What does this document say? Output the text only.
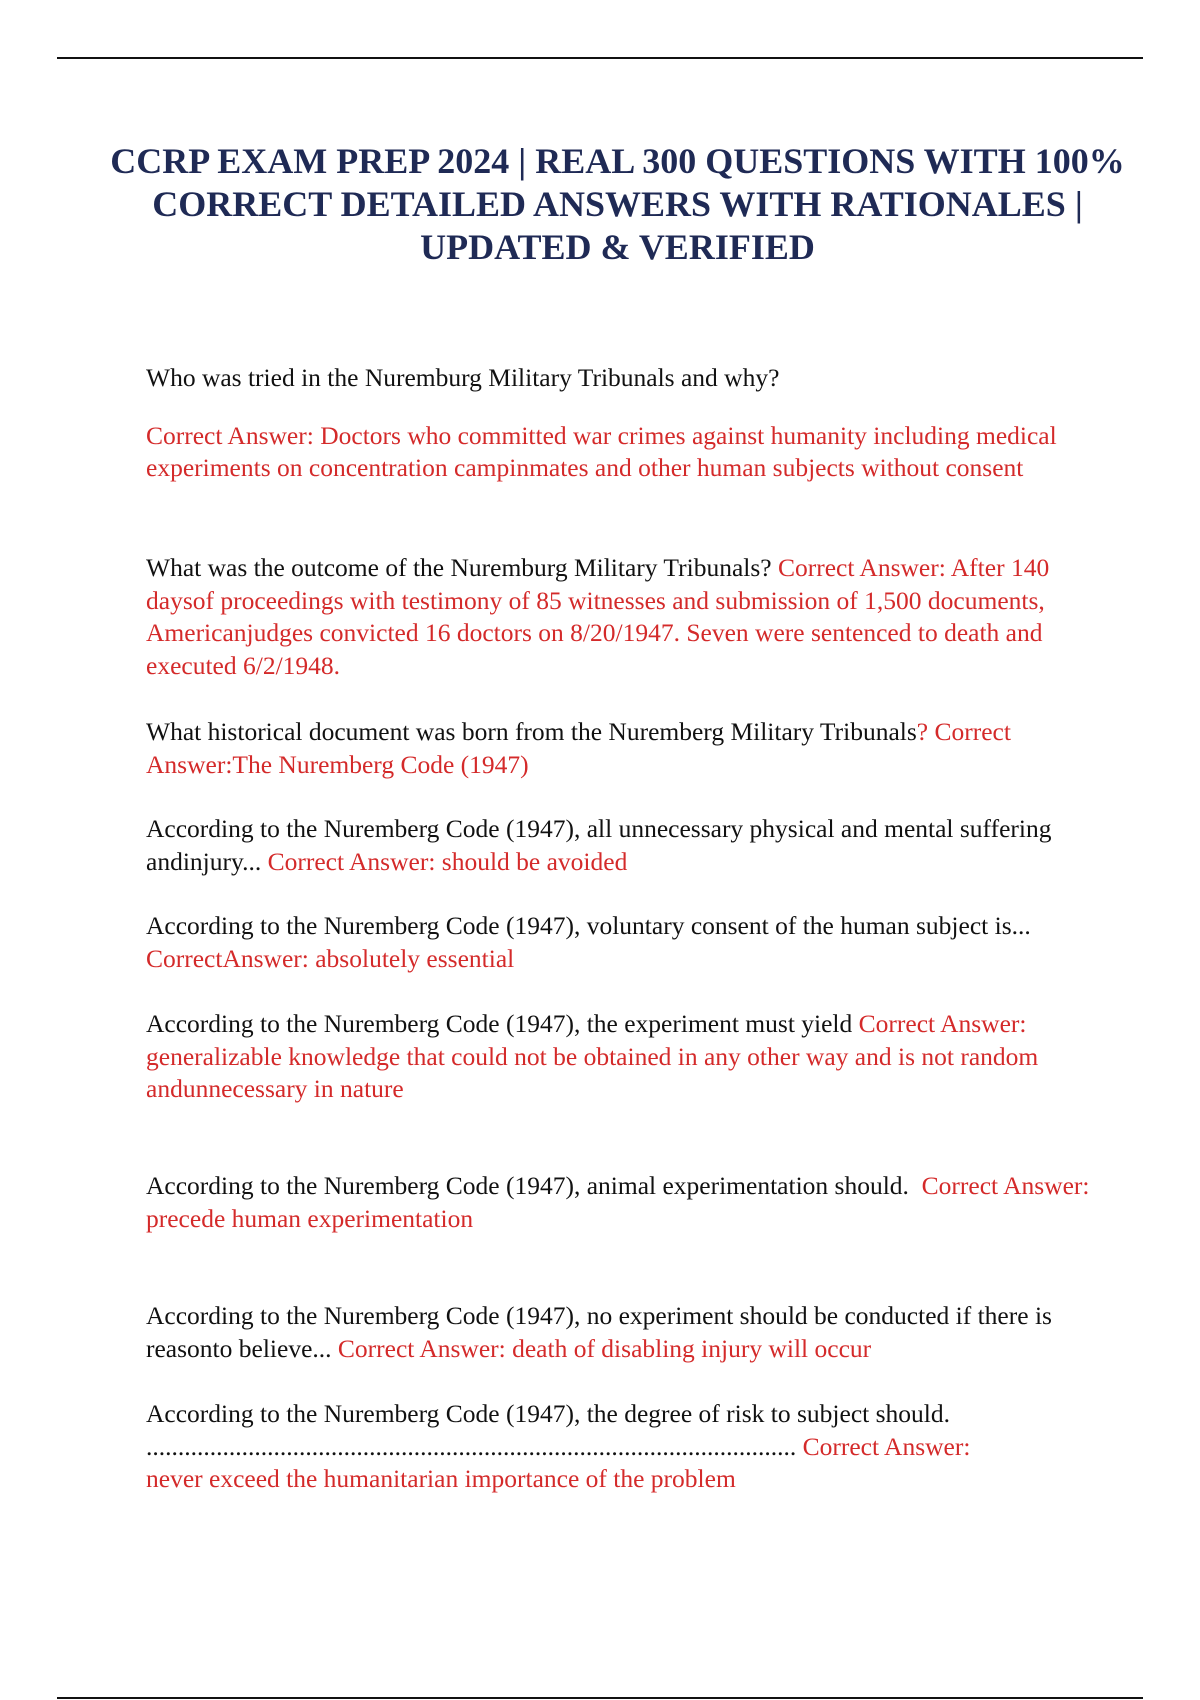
CCRP EXAM PREP 2024 | REAL 300 QUESTIONS WITH 100% CORRECT DETAILED ANSWERS WITH RATIONALES | UPDATED & VERIFIED

Who was tried in the Nuremburg Military Tribunals and why?

Correct Answer: Doctors who committed war crimes against humanity including medical experiments on concentration campinmates and other human subjects without consent

What was the outcome of the Nuremburg Military Tribunals? Correct Answer: After 140 daysof proceedings with testimony of 85 witnesses and submission of 1,500 documents, Americanjudges convicted 16 doctors on 8/20/1947. Seven were sentenced to death and executed 6/2/1948.

What historical document was born from the Nuremberg Military Tribunals? Correct Answer:The Nuremberg Code (1947)

According to the Nuremberg Code (1947), all unnecessary physical and mental suffering andinjury... Correct Answer: should be avoided

According to the Nuremberg Code (1947), voluntary consent of the human subject is... CorrectAnswer: absolutely essential

According to the Nuremberg Code (1947), the experiment must yield Correct Answer:

generalizable knowledge that could not be obtained in any other way and is not random andunnecessary in nature

According to the Nuremberg Code (1947), animal experimentation should. Correct Answer:

precede human experimentation

According to the Nuremberg Code (1947), no experiment should be conducted if there is reasonto believe... Correct Answer: death of disabling injury will occur

According to the Nuremberg Code (1947), the degree of risk to subject should.

...................................................................................................... Correct Answer:

never exceed the humanitarian importance of the problem
